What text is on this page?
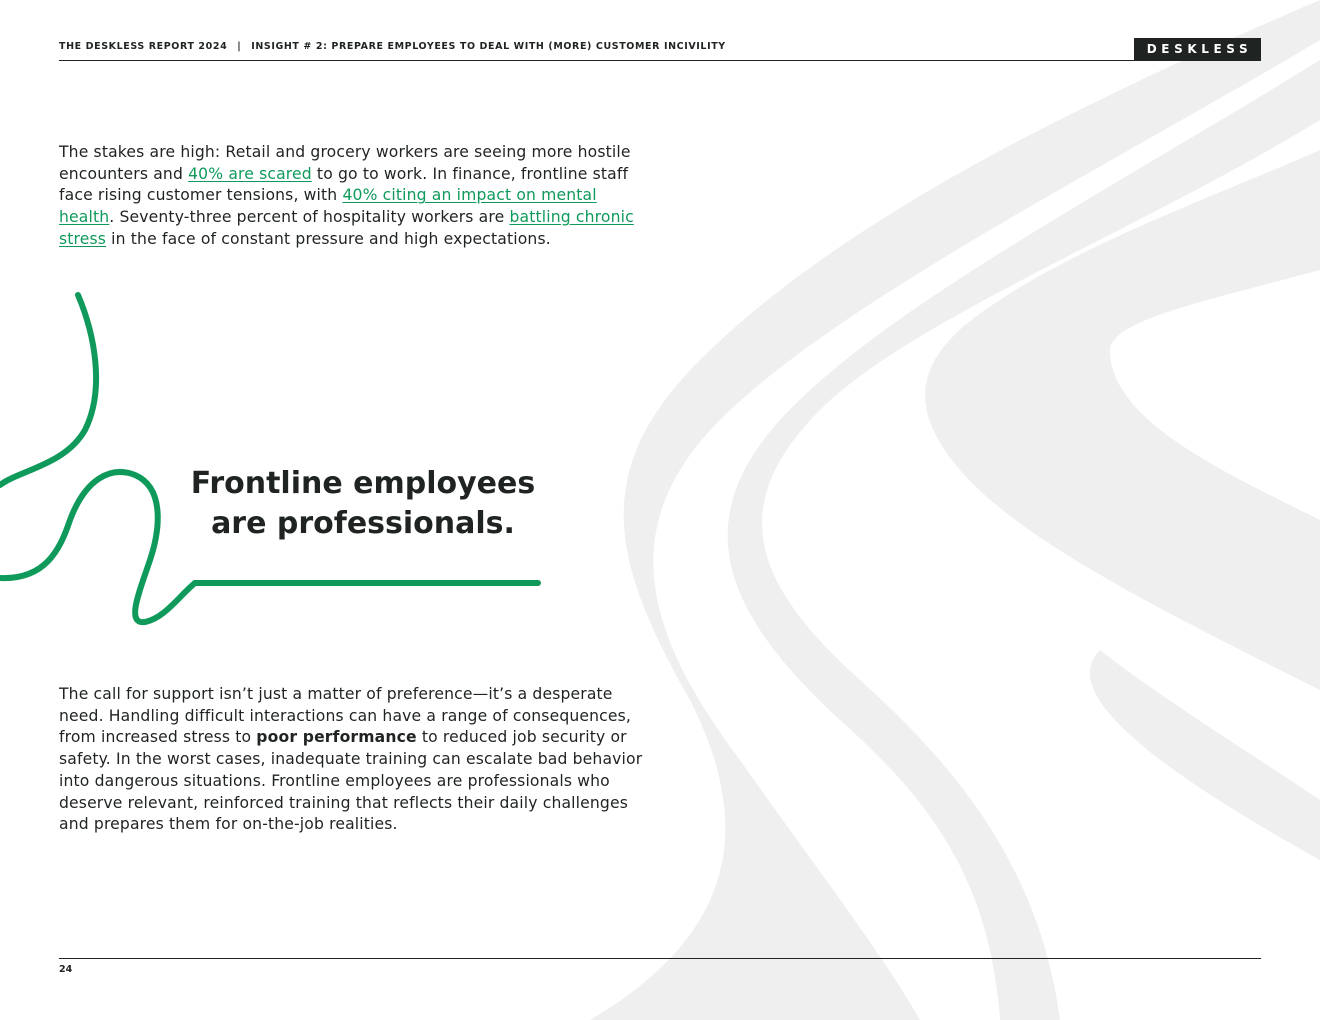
THE DESKLESS REPORT 2024 | INSIGHT # 2: PREPARE EMPLOYEES TO DEAL WITH (MORE) CUSTOMER INCIVILITY	DESKLESS

The stakes are high: Retail and grocery workers are seeing more hostile encounters and 40% are scared to go to work. In finance, frontline staff face rising customer tensions, with 40% citing an impact on mental health. Seventy-three percent of hospitality workers are battling chronic stress in the face of constant pressure and high expectations.

Frontline employees
are professionals.

The call for support isn’t just a matter of preference—it’s a desperate need. Handling difficult interactions can have a range of consequences, from increased stress to poor performance to reduced job security or safety. In the worst cases, inadequate training can escalate bad behavior into dangerous situations. Frontline employees are professionals who deserve relevant, reinforced training that reflects their daily challenges and prepares them for on-the-job realities.

24
